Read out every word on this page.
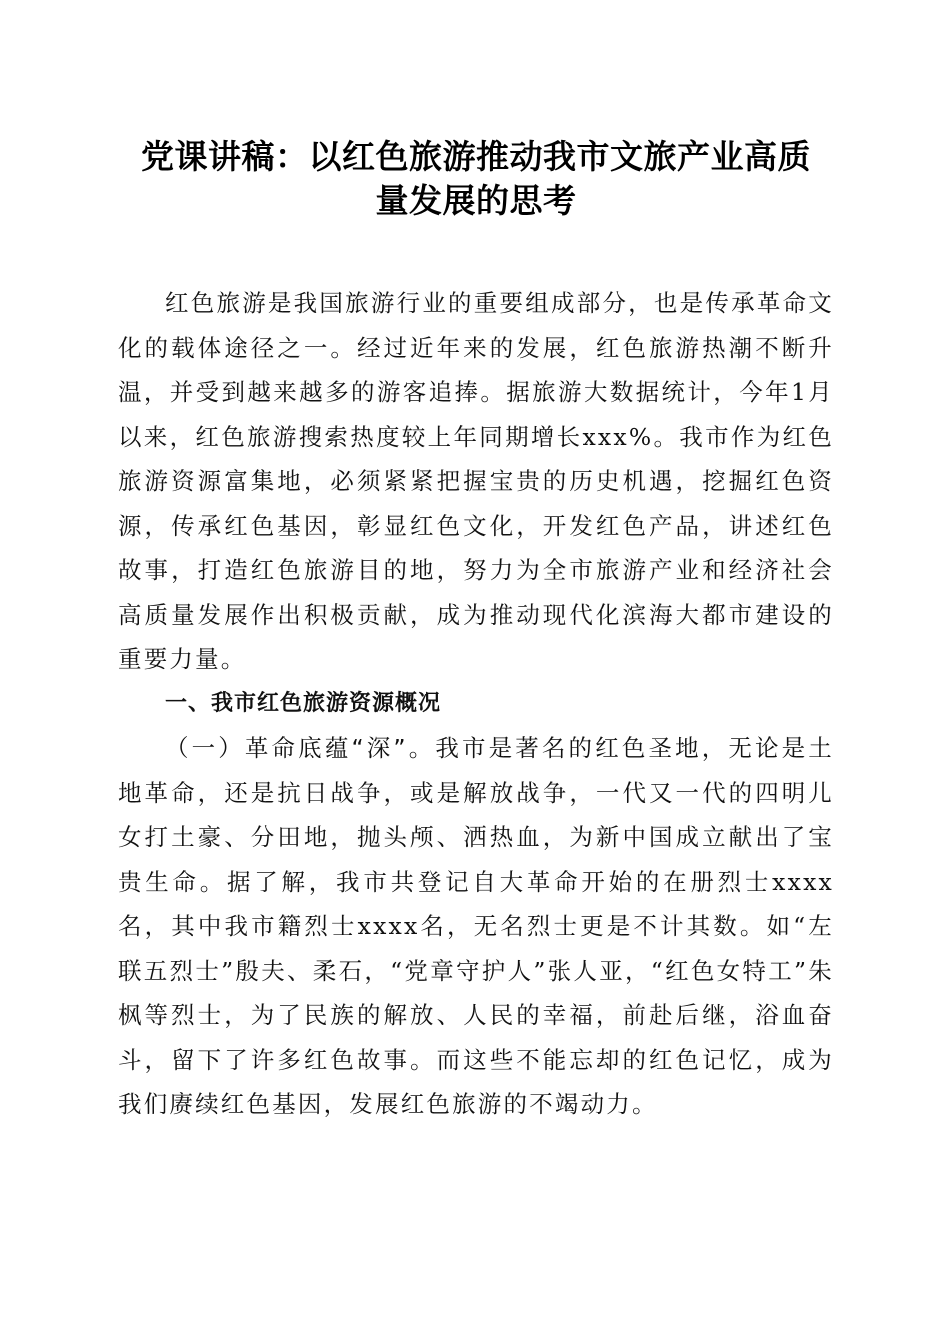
党课讲稿：以红色旅游推动我市文旅产业高质
量发展的思考

红色旅游是我国旅游行业的重要组成部分，也是传承革命文化的载体途径之一。经过近年来的发展，红色旅游热潮不断升温，并受到越来越多的游客追捧。据旅游大数据统计，今年1月以来，红色旅游搜索热度较上年同期增长xxx%。我市作为红色旅游资源富集地，必须紧紧把握宝贵的历史机遇，挖掘红色资源，传承红色基因，彰显红色文化，开发红色产品，讲述红色故事，打造红色旅游目的地，努力为全市旅游产业和经济社会高质量发展作出积极贡献，成为推动现代化滨海大都市建设的重要力量。

一、我市红色旅游资源概况

（一）革命底蕴“深”。我市是著名的红色圣地，无论是土地革命，还是抗日战争，或是解放战争，一代又一代的四明儿女打土豪、分田地，抛头颅、洒热血，为新中国成立献出了宝贵生命。据了解，我市共登记自大革命开始的在册烈士xxxx名，其中我市籍烈士xxxx名，无名烈士更是不计其数。如“左联五烈士”殷夫、柔石，“党章守护人”张人亚，“红色女特工”朱枫等烈士，为了民族的解放、人民的幸福，前赴后继，浴血奋斗，留下了许多红色故事。而这些不能忘却的红色记忆，成为我们赓续红色基因，发展红色旅游的不竭动力。
